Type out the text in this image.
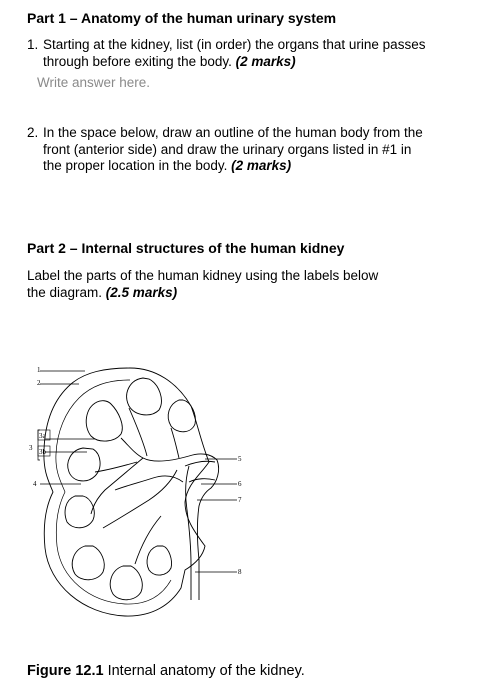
Part 1 – Anatomy of the human urinary system
1. Starting at the kidney, list (in order) the organs that urine passes through before exiting the body. (2 marks)
Write answer here.
2. In the space below, draw an outline of the human body from the front (anterior side) and draw the urinary organs listed in #1 in the proper location in the body. (2 marks)
Part 2 – Internal structures of the human kidney
Label the parts of the human kidney using the labels below the diagram. (2.5 marks)
1
2
3
3a
3b
4
5
6
7
8
Figure 12.1 Internal anatomy of the kidney.
